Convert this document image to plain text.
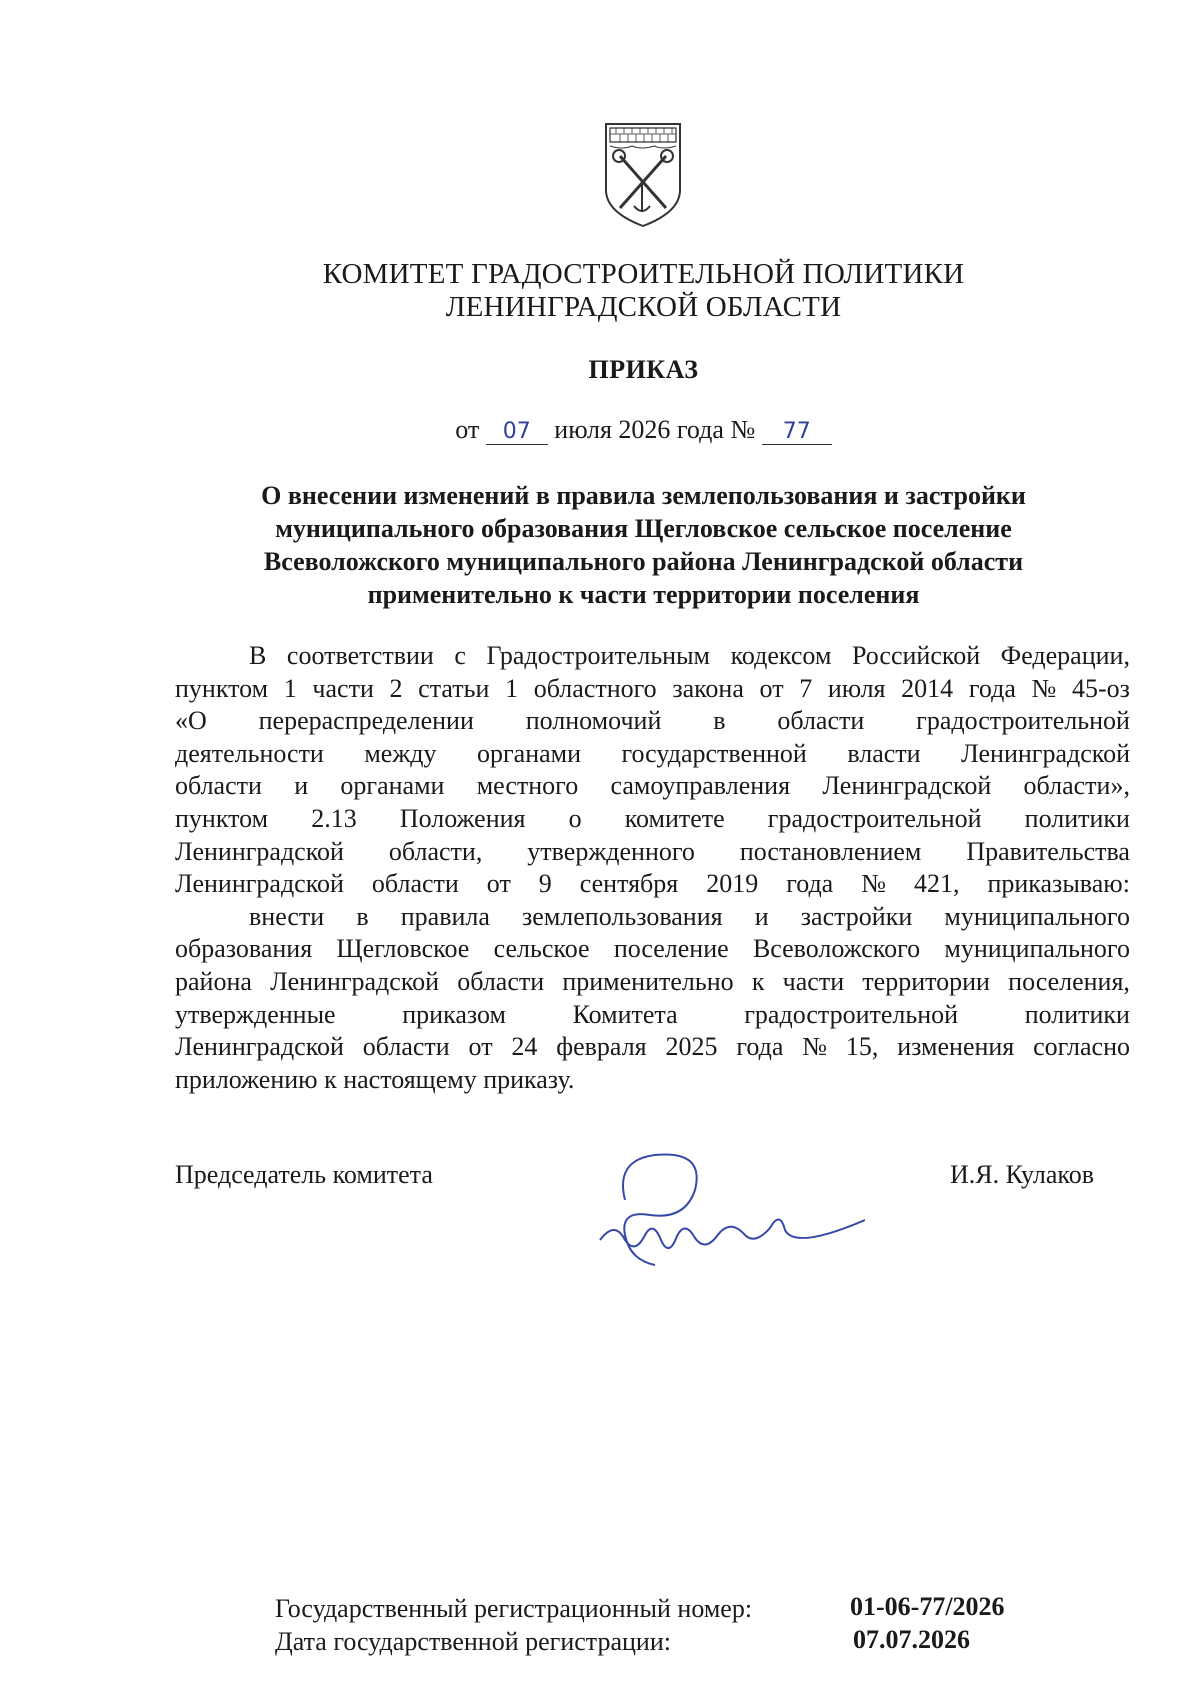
КОМИТЕТ ГРАДОСТРОИТЕЛЬНОЙ ПОЛИТИКИ
ЛЕНИНГРАДСКОЙ ОБЛАСТИ
ПРИКАЗ
от 07 июля 2026 года № 77
О внесении изменений в правила землепользования и застройки
муниципального образования Щегловское сельское поселение
Всеволожского муниципального района Ленинградской области
применительно к части территории поселения
В соответствии с Градостроительным кодексом Российской Федерации,
пунктом 1 части 2 статьи 1 областного закона от 7 июля 2014 года № 45-оз
«О перераспределении полномочий в области градостроительной
деятельности между органами государственной власти Ленинградской
области и органами местного самоуправления Ленинградской области»,
пунктом 2.13 Положения о комитете градостроительной политики
Ленинградской области, утвержденного постановлением Правительства
Ленинградской области от 9 сентября 2019 года № 421, приказываю:
внести в правила землепользования и застройки муниципального
образования Щегловское сельское поселение Всеволожского муниципального
района Ленинградской области применительно к части территории поселения,
утвержденные	приказом	Комитета	градостроительной	политики
Ленинградской области от 24 февраля 2025 года № 15, изменения согласно
приложению к настоящему приказу.
Председатель комитета	И.Я. Кулаков
Государственный регистрационный номер:	01-06-77/2026
Дата государственной регистрации:	07.07.2026
